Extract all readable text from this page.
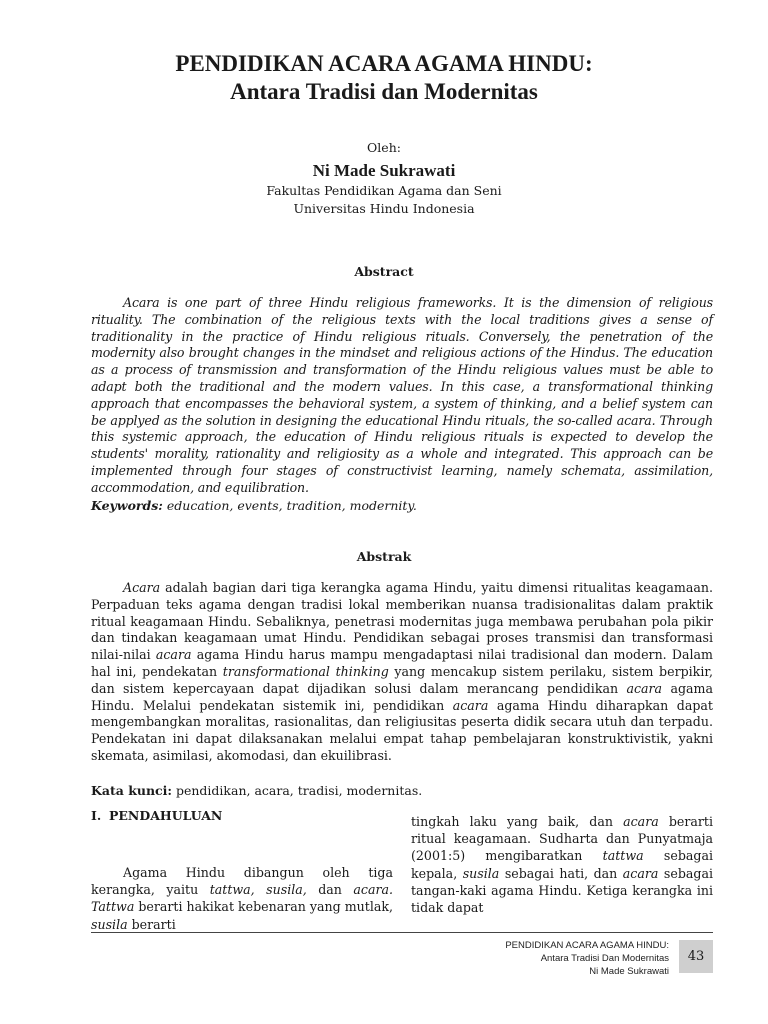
PENDIDIKAN ACARA AGAMA HINDU:
Antara Tradisi dan Modernitas
Oleh:
Ni Made Sukrawati
Fakultas Pendidikan Agama dan Seni
Universitas Hindu Indonesia
Abstract

Acara is one part of three Hindu religious frameworks. It is the dimension of religious rituality. The combination of the religious texts with the local traditions gives a sense of traditionality in the practice of Hindu religious rituals. Conversely, the penetration of the modernity also brought changes in the mindset and religious actions of the Hindus. The education as a process of transmission and transformation of the Hindu religious values must be able to adapt both the traditional and the modern values. In this case, a transformational thinking approach that encompasses the behavioral system, a system of thinking, and a belief system can be applyed as the solution in designing the educational Hindu rituals, the so-called acara. Through this systemic approach, the education of Hindu religious rituals is expected to develop the students' morality, rationality and religiosity as a whole and integrated. This approach can be implemented through four stages of constructivist learning, namely schemata, assimilation, accommodation, and equilibration.

Keywords: education, events, tradition, modernity.
Abstrak

Acara adalah bagian dari tiga kerangka agama Hindu, yaitu dimensi ritualitas keagamaan. Perpaduan teks agama dengan tradisi lokal memberikan nuansa tradisionalitas dalam praktik ritual keagamaan Hindu. Sebaliknya, penetrasi modernitas juga membawa perubahan pola pikir dan tindakan keagamaan umat Hindu. Pendidikan sebagai proses transmisi dan transformasi nilai-nilai acara agama Hindu harus mampu mengadaptasi nilai tradisional dan modern. Dalam hal ini, pendekatan transformational thinking yang mencakup sistem perilaku, sistem berpikir, dan sistem kepercayaan dapat dijadikan solusi dalam merancang pendidikan acara agama Hindu. Melalui pendekatan sistemik ini, pendidikan acara agama Hindu diharapkan dapat mengembangkan moralitas, rasionalitas, dan religiusitas peserta didik secara utuh dan terpadu. Pendekatan ini dapat dilaksanakan melalui empat tahap pembelajaran konstruktivistik, yakni skemata, asimilasi, akomodasi, dan ekuilibrasi.

Kata kunci: pendidikan, acara, tradisi, modernitas.
I. PENDAHULUAN

Agama Hindu dibangun oleh tiga kerangka, yaitu tattwa, susila, dan acara. Tattwa berarti hakikat kebenaran yang mutlak, susila berarti

tingkah laku yang baik, dan acara berarti ritual keagamaan. Sudharta dan Punyatmaja (2001:5) mengibaratkan tattwa sebagai kepala, susila sebagai hati, dan acara sebagai tangan-kaki agama Hindu. Ketiga kerangka ini tidak dapat

PENDIDIKAN ACARA AGAMA HINDU:
Antara Tradisi Dan Modernitas
Ni Made Sukrawati
43
